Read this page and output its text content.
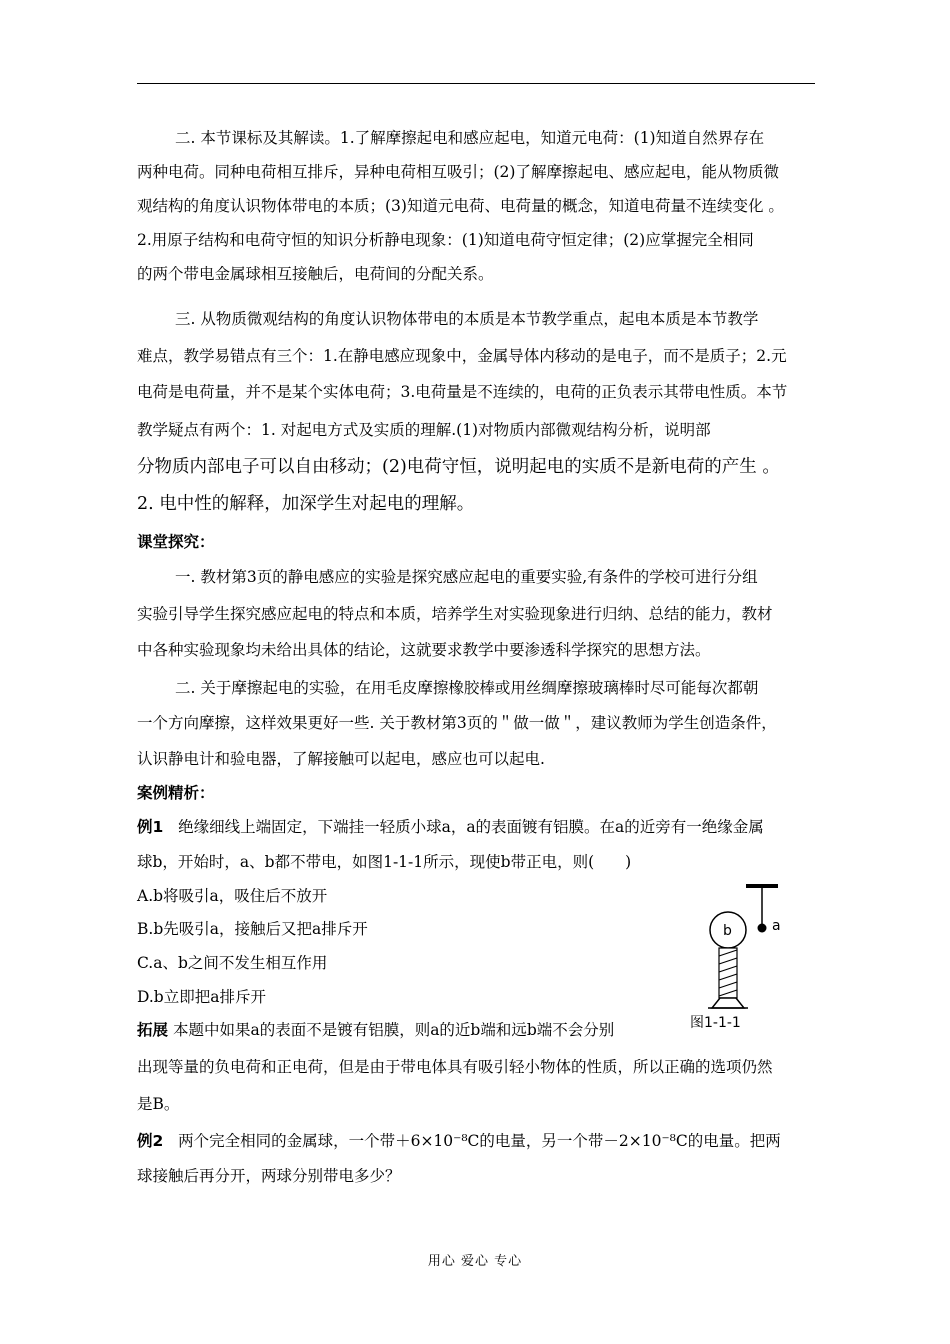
二. 本节课标及其解读。1.了解摩擦起电和感应起电，知道元电荷：(1)知道自然界存在
两种电荷。同种电荷相互排斥，异种电荷相互吸引；(2)了解摩擦起电、感应起电，能从物质微
观结构的角度认识物体带电的本质；(3)知道元电荷、电荷量的概念，知道电荷量不连续变化 。
2.用原子结构和电荷守恒的知识分析静电现象：(1)知道电荷守恒定律；(2)应掌握完全相同
的两个带电金属球相互接触后，电荷间的分配关系。
三. 从物质微观结构的角度认识物体带电的本质是本节教学重点，起电本质是本节教学
难点，教学易错点有三个：1.在静电感应现象中，金属导体内移动的是电子，而不是质子；2.元
电荷是电荷量，并不是某个实体电荷；3.电荷量是不连续的，电荷的正负表示其带电性质。本节
教学疑点有两个：1. 对起电方式及实质的理解.(1)对物质内部微观结构分析，说明部
分物质内部电子可以自由移动；(2)电荷守恒，说明起电的实质不是新电荷的产生 。
2. 电中性的解释，加深学生对起电的理解。
课堂探究：
一. 教材第3页的静电感应的实验是探究感应起电的重要实验,有条件的学校可进行分组
实验引导学生探究感应起电的特点和本质，培养学生对实验现象进行归纳、总结的能力，教材
中各种实验现象均未给出具体的结论，这就要求教学中要渗透科学探究的思想方法。
二. 关于摩擦起电的实验，在用毛皮摩擦橡胶棒或用丝绸摩擦玻璃棒时尽可能每次都朝
一个方向摩擦，这样效果更好一些. 关于教材第3页的＂做一做＂，建议教师为学生创造条件，
认识静电计和验电器，了解接触可以起电，感应也可以起电.
案例精析：
例1 绝缘细线上端固定，下端挂一轻质小球a，a的表面镀有铝膜。在a的近旁有一绝缘金属
球b，开始时，a、b都不带电，如图1-1-1所示，现使b带正电，则(　　)
A.b将吸引a，吸住后不放开
B.b先吸引a，接触后又把a排斥开
C.a、b之间不发生相互作用
D.b立即把a排斥开
拓展 本题中如果a的表面不是镀有铝膜，则a的近b端和远b端不会分别
出现等量的负电荷和正电荷，但是由于带电体具有吸引轻小物体的性质，所以正确的选项仍然
是B。
例2 两个完全相同的金属球，一个带＋6×10⁻⁸C的电量，另一个带－2×10⁻⁸C的电量。把两
球接触后再分开，两球分别带电多少？
a
b
图1-1-1
用心 爱心 专心
